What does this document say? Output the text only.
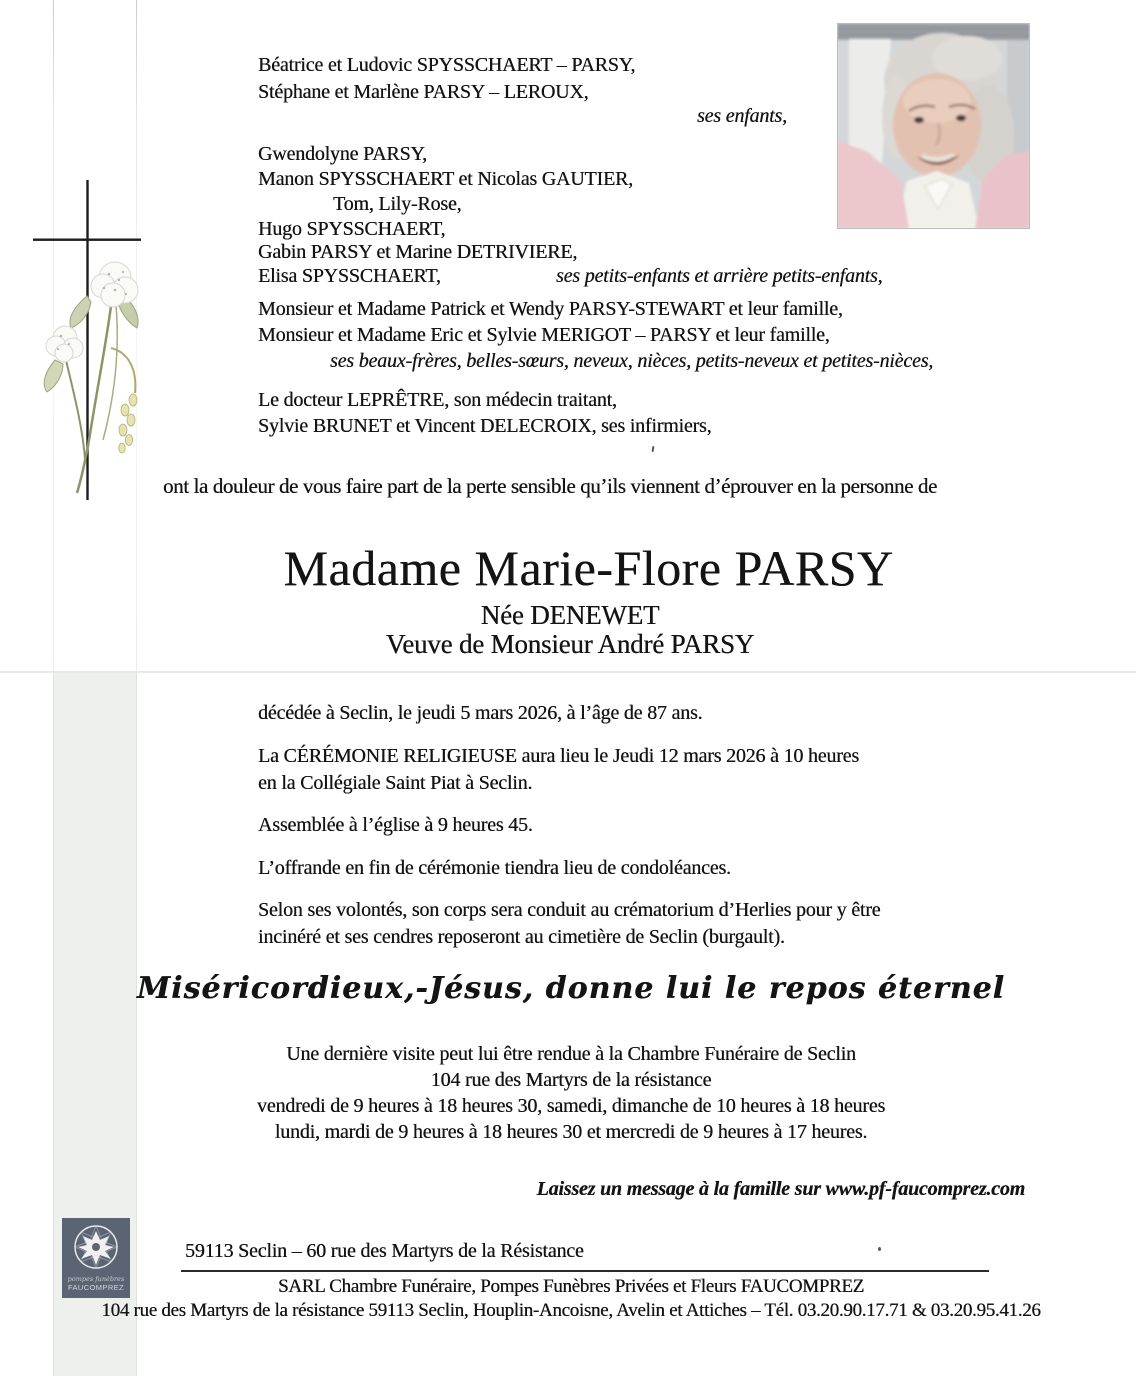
Béatrice et Ludovic SPYSSCHAERT – PARSY,
Stéphane et Marlène PARSY – LEROUX,
ses enfants,
Gwendolyne PARSY,
Manon SPYSSCHAERT et Nicolas GAUTIER,
Tom, Lily-Rose,
Hugo SPYSSCHAERT,
Gabin PARSY et Marine DETRIVIERE,
Elisa SPYSSCHAERT,	ses petits-enfants et arrière petits-enfants,
Monsieur et Madame Patrick et Wendy PARSY-STEWART et leur famille,
Monsieur et Madame Eric et Sylvie MERIGOT – PARSY et leur famille,
ses beaux-frères, belles-sœurs, neveux, nièces, petits-neveux et petites-nièces,
Le docteur LEPRÊTRE, son médecin traitant,
Sylvie BRUNET et Vincent DELECROIX, ses infirmiers,
ont la douleur de vous faire part de la perte sensible qu’ils viennent d’éprouver en la personne de
Madame Marie-Flore PARSY
Née DENEWET
Veuve de Monsieur André PARSY
décédée à Seclin, le jeudi 5 mars 2026, à l’âge de 87 ans.
La CÉRÉMONIE RELIGIEUSE aura lieu le Jeudi 12 mars 2026 à 10 heures
en la Collégiale Saint Piat à Seclin.
Assemblée à l’église à 9 heures 45.
L’offrande en fin de cérémonie tiendra lieu de condoléances.
Selon ses volontés, son corps sera conduit au crématorium d’Herlies pour y être
incinéré et ses cendres reposeront au cimetière de Seclin (burgault).
Miséricordieux,-Jésus, donne lui le repos éternel
Une dernière visite peut lui être rendue à la Chambre Funéraire de Seclin
104 rue des Martyrs de la résistance
vendredi de 9 heures à 18 heures 30, samedi, dimanche de 10 heures à 18 heures
lundi, mardi de 9 heures à 18 heures 30 et mercredi de 9 heures à 17 heures.
Laissez un message à la famille sur www.pf-faucomprez.com
59113 Seclin – 60 rue des Martyrs de la Résistance
SARL Chambre Funéraire, Pompes Funèbres Privées et Fleurs FAUCOMPREZ
104 rue des Martyrs de la résistance 59113 Seclin, Houplin-Ancoisne, Avelin et Attiches – Tél. 03.20.90.17.71 & 03.20.95.41.26
pompes funèbres
FAUCOMPREZ
